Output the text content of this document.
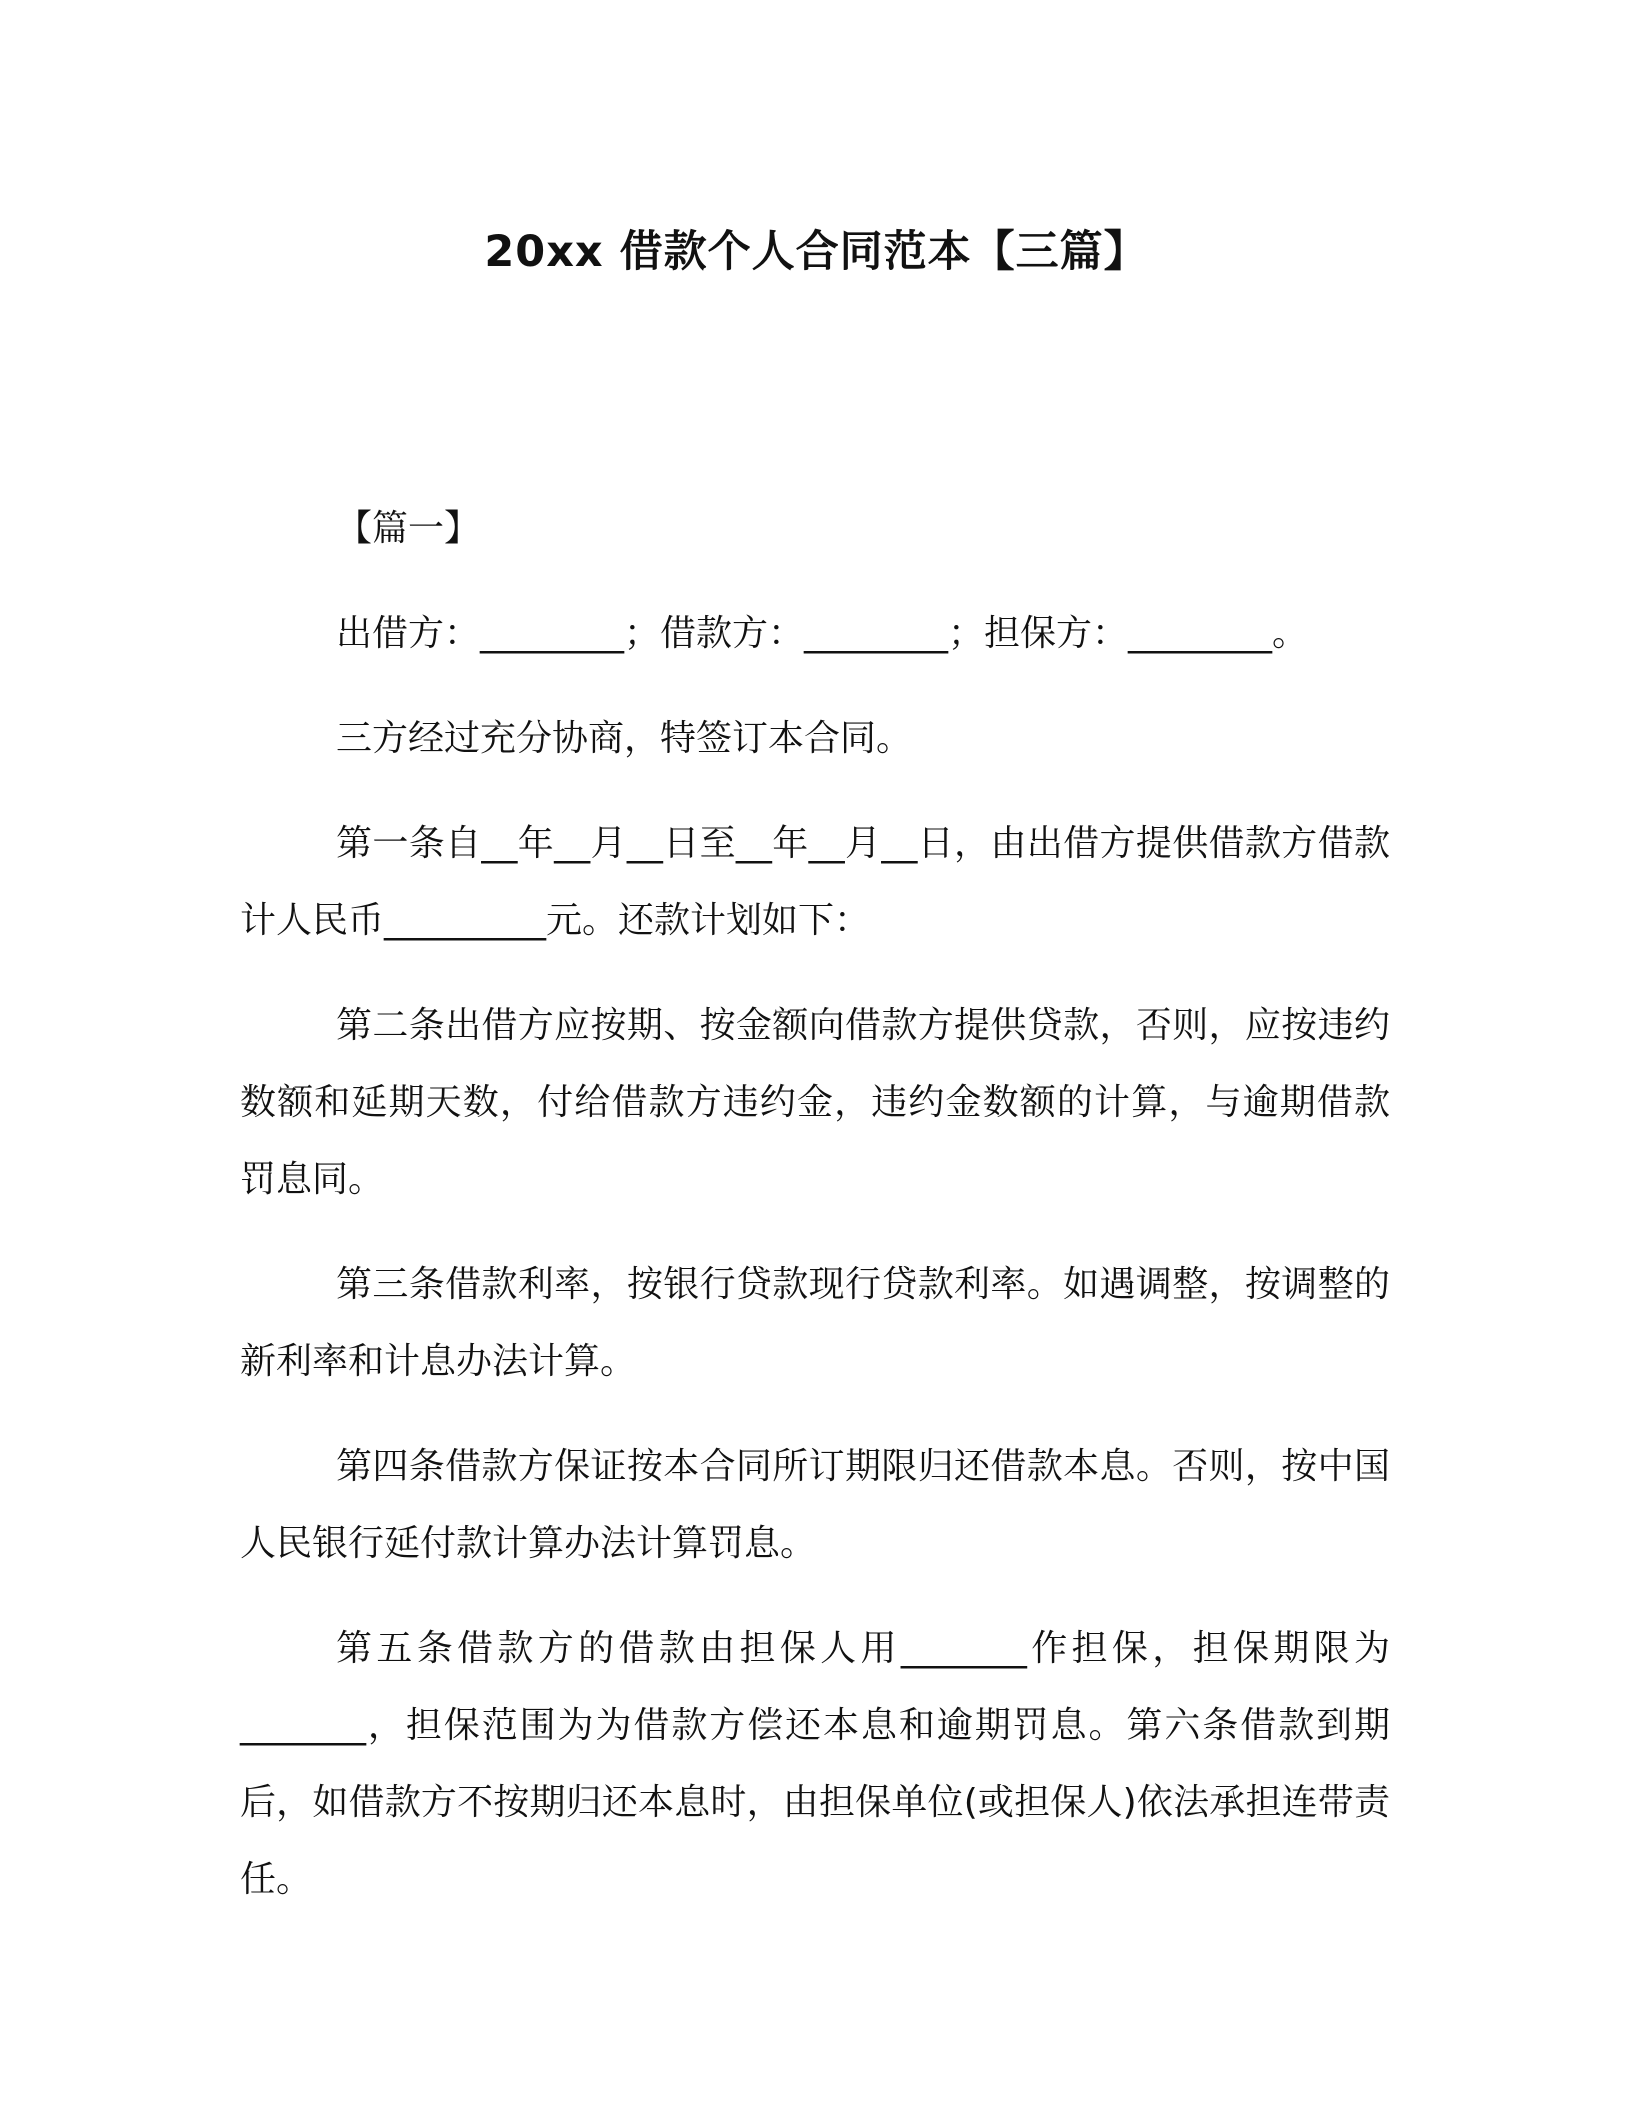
20xx 借款个人合同范本【三篇】
【篇一】

出借方：________；借款方：________；担保方：________。

三方经过充分协商，特签订本合同。

第一条自__年__月__日至__年__月__日，由出借方提供借款方借款计人民币_________元。还款计划如下：

第二条出借方应按期、按金额向借款方提供贷款，否则，应按违约数额和延期天数，付给借款方违约金，违约金数额的计算，与逾期借款罚息同。

第三条借款利率，按银行贷款现行贷款利率。如遇调整，按调整的新利率和计息办法计算。

第四条借款方保证按本合同所订期限归还借款本息。否则，按中国人民银行延付款计算办法计算罚息。

第五条借款方的借款由担保人用_______作担保，担保期限为_______，担保范围为为借款方偿还本息和逾期罚息。第六条借款到期后，如借款方不按期归还本息时，由担保单位(或担保人)依法承担连带责任。
